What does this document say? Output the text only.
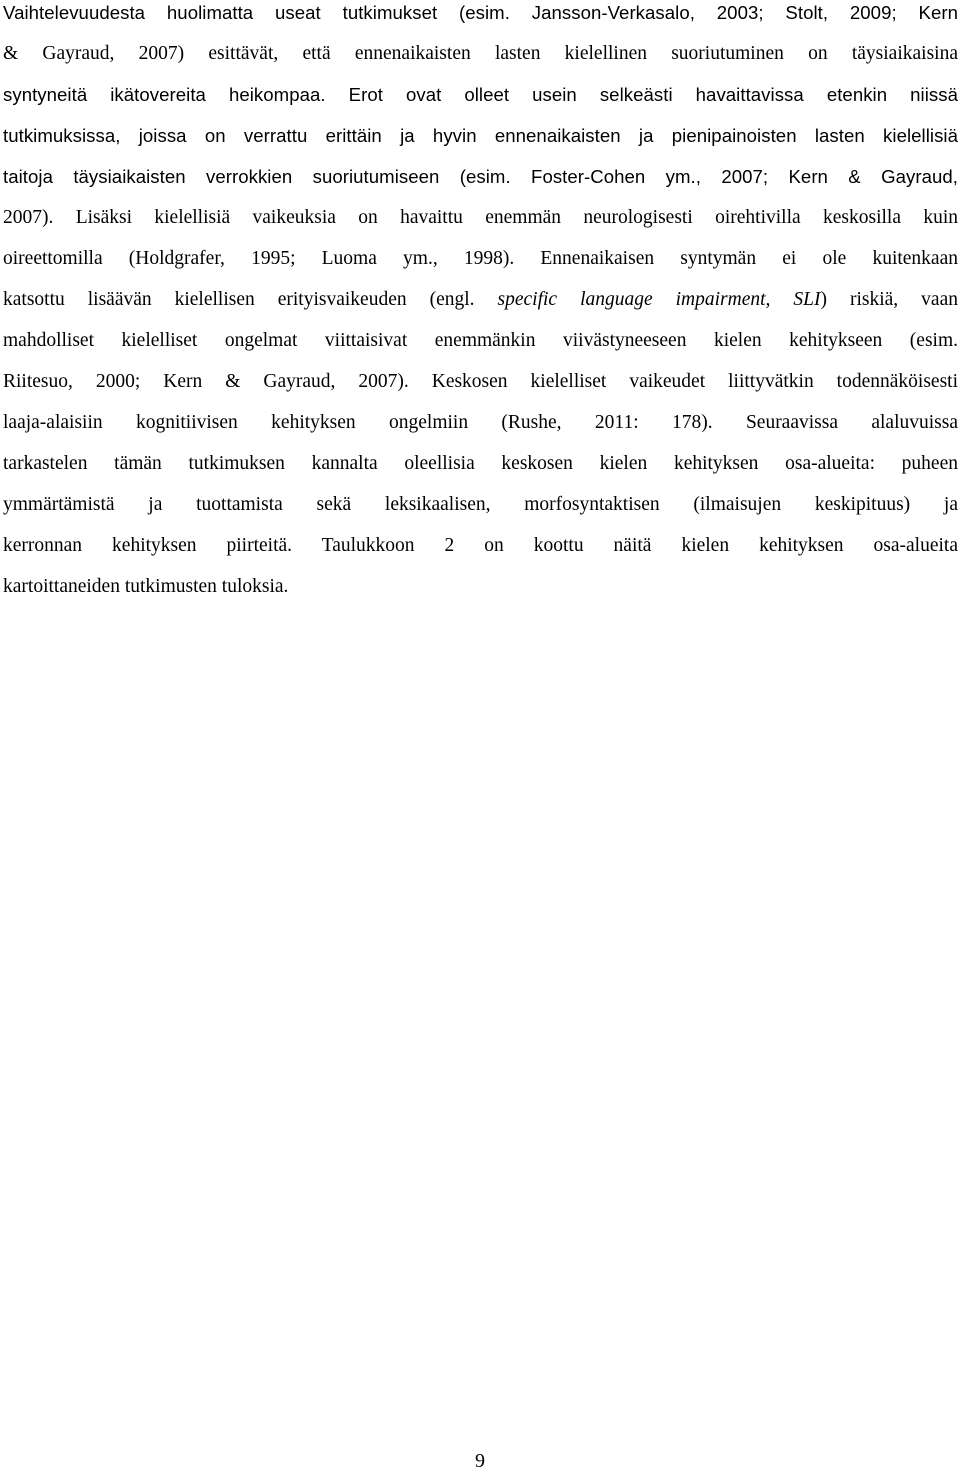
Vaihtelevuudesta huolimatta useat tutkimukset (esim. Jansson-Verkasalo, 2003; Stolt, 2009; Kern
& Gayraud, 2007) esittävät, että ennenaikaisten lasten kielellinen suoriutuminen on täysiaikaisina
syntyneitä ikätovereita heikompaa. Erot ovat olleet usein selkeästi havaittavissa etenkin niissä
tutkimuksissa, joissa on verrattu erittäin ja hyvin ennenaikaisten ja pienipainoisten lasten kielellisiä
taitoja täysiaikaisten verrokkien suoriutumiseen (esim. Foster-Cohen ym., 2007; Kern & Gayraud,
2007). Lisäksi kielellisiä vaikeuksia on havaittu enemmän neurologisesti oirehtivilla keskosilla kuin
oireettomilla (Holdgrafer, 1995; Luoma ym., 1998). Ennenaikaisen syntymän ei ole kuitenkaan
katsottu lisäävän kielellisen erityisvaikeuden (engl. specific language impairment, SLI) riskiä, vaan
mahdolliset kielelliset ongelmat viittaisivat enemmänkin viivästyneeseen kielen kehitykseen (esim.
Riitesuo, 2000; Kern & Gayraud, 2007). Keskosen kielelliset vaikeudet liittyvätkin todennäköisesti
laaja-alaisiin kognitiivisen kehityksen ongelmiin (Rushe, 2011: 178). Seuraavissa alaluvuissa
tarkastelen tämän tutkimuksen kannalta oleellisia keskosen kielen kehityksen osa-alueita: puheen
ymmärtämistä ja tuottamista sekä leksikaalisen, morfosyntaktisen (ilmaisujen keskipituus) ja
kerronnan kehityksen piirteitä. Taulukkoon 2 on koottu näitä kielen kehityksen osa-alueita
kartoittaneiden tutkimusten tuloksia.
9
